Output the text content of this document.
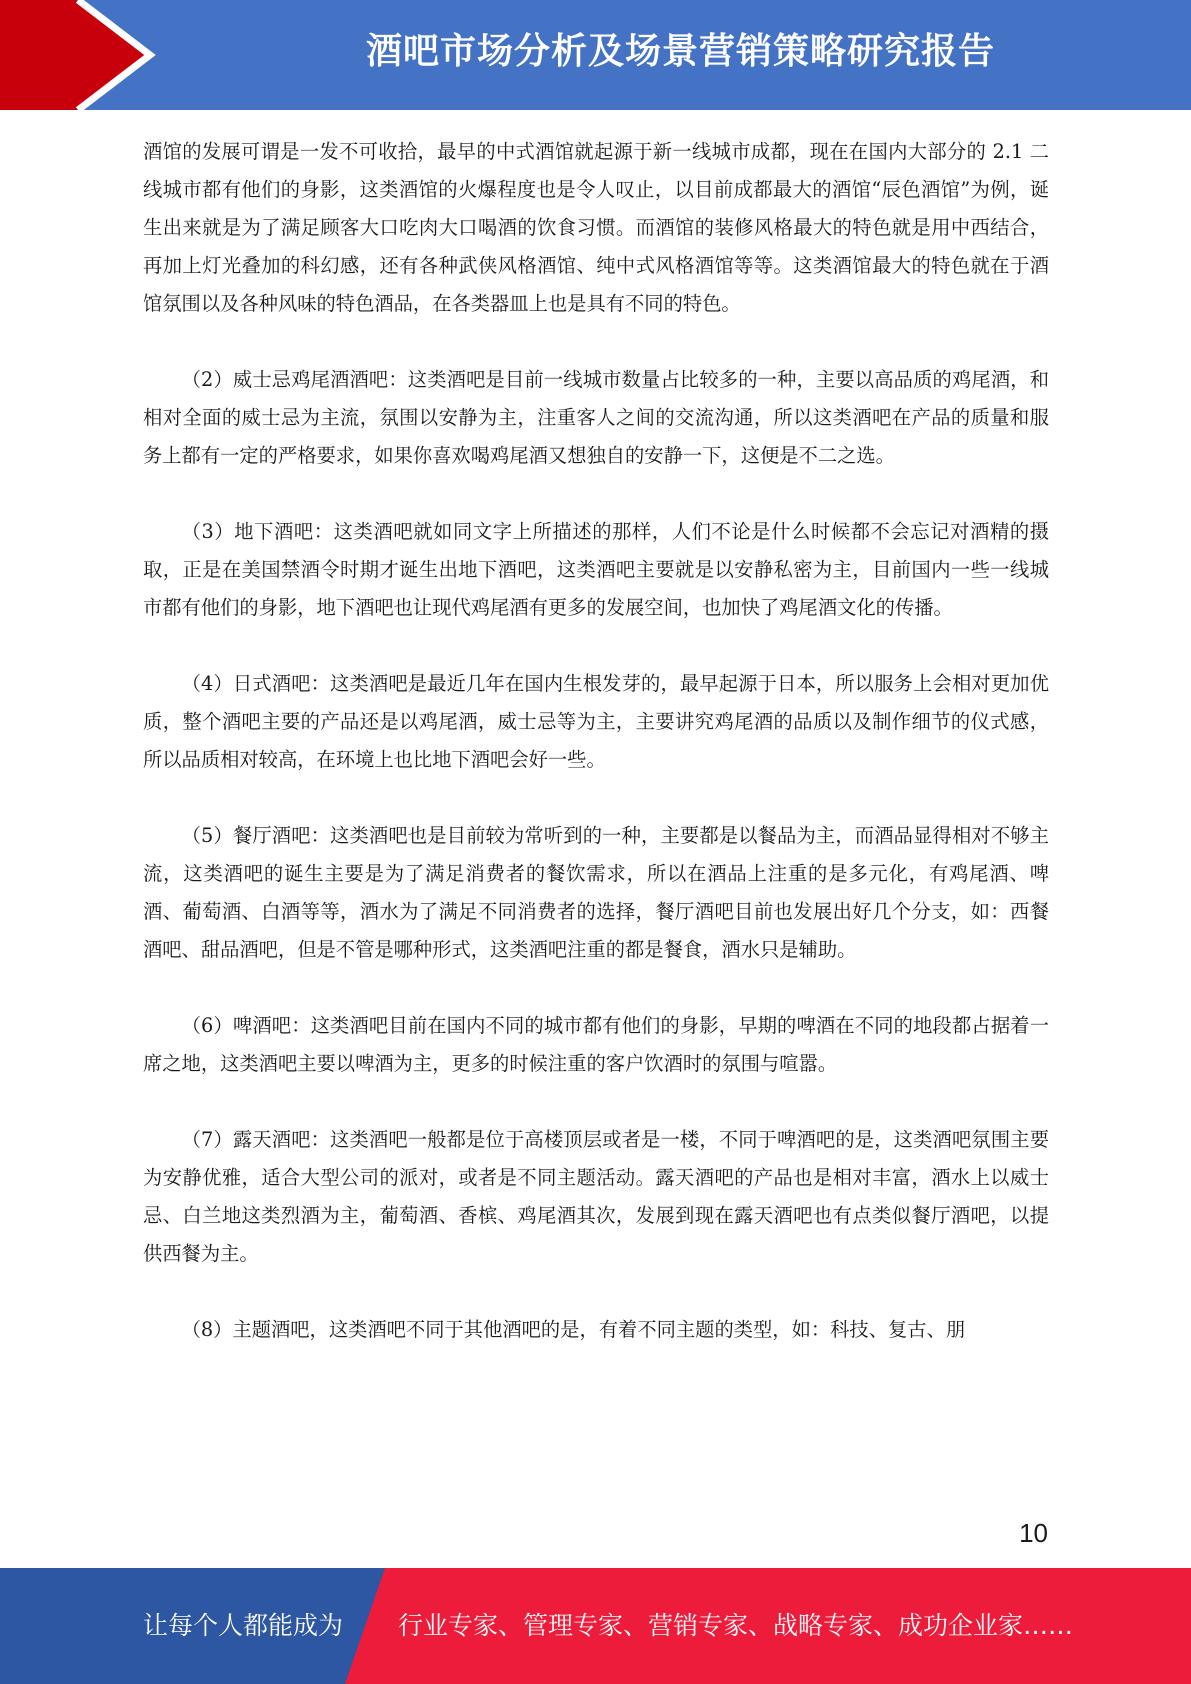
酒吧市场分析及场景营销策略研究报告

酒馆的发展可谓是一发不可收拾，最早的中式酒馆就起源于新一线城市成都，现在在国内大部分的 2.1 二线城市都有他们的身影，这类酒馆的火爆程度也是令人叹止，以目前成都最大的酒馆“辰色酒馆”为例，诞生出来就是为了满足顾客大口吃肉大口喝酒的饮食习惯。而酒馆的装修风格最大的特色就是用中西结合，再加上灯光叠加的科幻感，还有各种武侠风格酒馆、纯中式风格酒馆等等。这类酒馆最大的特色就在于酒馆氛围以及各种风味的特色酒品，在各类器皿上也是具有不同的特色。

（2）威士忌鸡尾酒酒吧：这类酒吧是目前一线城市数量占比较多的一种，主要以高品质的鸡尾酒，和相对全面的威士忌为主流，氛围以安静为主，注重客人之间的交流沟通，所以这类酒吧在产品的质量和服务上都有一定的严格要求，如果你喜欢喝鸡尾酒又想独自的安静一下，这便是不二之选。

（3）地下酒吧：这类酒吧就如同文字上所描述的那样，人们不论是什么时候都不会忘记对酒精的摄取，正是在美国禁酒令时期才诞生出地下酒吧，这类酒吧主要就是以安静私密为主，目前国内一些一线城市都有他们的身影，地下酒吧也让现代鸡尾酒有更多的发展空间，也加快了鸡尾酒文化的传播。

（4）日式酒吧：这类酒吧是最近几年在国内生根发芽的，最早起源于日本，所以服务上会相对更加优质，整个酒吧主要的产品还是以鸡尾酒，威士忌等为主，主要讲究鸡尾酒的品质以及制作细节的仪式感，所以品质相对较高，在环境上也比地下酒吧会好一些。

（5）餐厅酒吧：这类酒吧也是目前较为常听到的一种，主要都是以餐品为主，而酒品显得相对不够主流，这类酒吧的诞生主要是为了满足消费者的餐饮需求，所以在酒品上注重的是多元化，有鸡尾酒、啤酒、葡萄酒、白酒等等，酒水为了满足不同消费者的选择，餐厅酒吧目前也发展出好几个分支，如：西餐酒吧、甜品酒吧，但是不管是哪种形式，这类酒吧注重的都是餐食，酒水只是辅助。

（6）啤酒吧：这类酒吧目前在国内不同的城市都有他们的身影，早期的啤酒在不同的地段都占据着一席之地，这类酒吧主要以啤酒为主，更多的时候注重的客户饮酒时的氛围与喧嚣。

（7）露天酒吧：这类酒吧一般都是位于高楼顶层或者是一楼，不同于啤酒吧的是，这类酒吧氛围主要为安静优雅，适合大型公司的派对，或者是不同主题活动。露天酒吧的产品也是相对丰富，酒水上以威士忌、白兰地这类烈酒为主，葡萄酒、香槟、鸡尾酒其次，发展到现在露天酒吧也有点类似餐厅酒吧，以提供西餐为主。

（8）主题酒吧，这类酒吧不同于其他酒吧的是，有着不同主题的类型，如：科技、复古、朋

10
让每个人都能成为 行业专家、管理专家、营销专家、战略专家、成功企业家……
